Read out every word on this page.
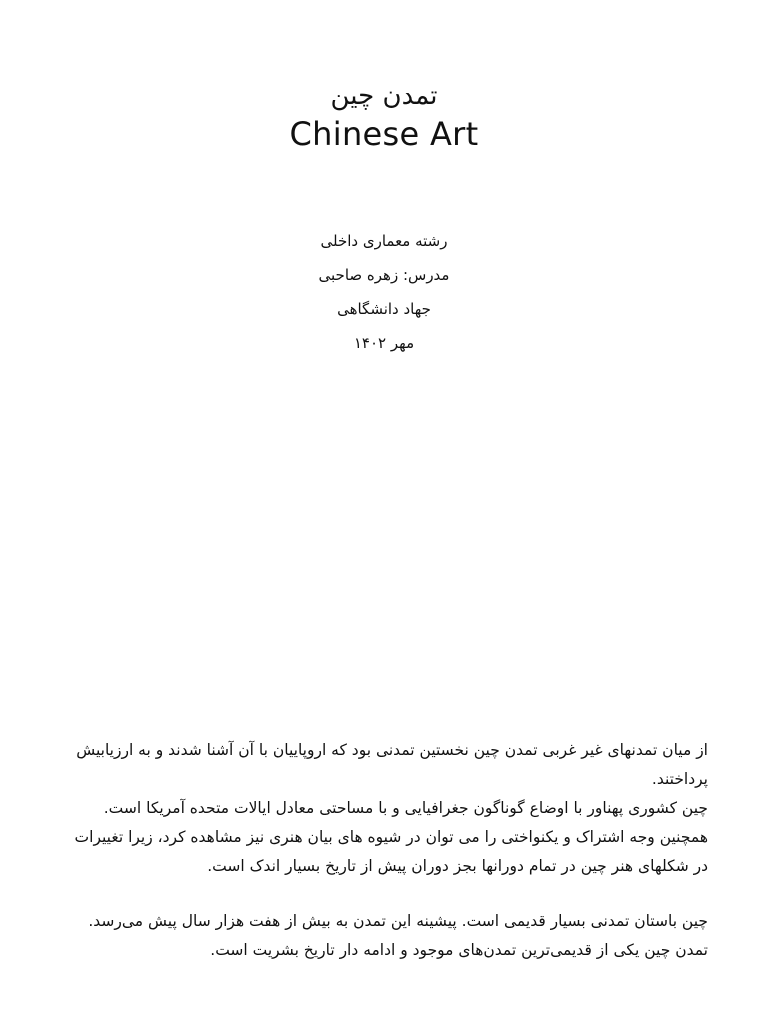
تمدن چین
Chinese Art
رشته معماری داخلی
مدرس: زهره صاحبی
جهاد دانشگاهی
مهر ۱۴۰۲

از میان تمدنهای غیر غربی تمدن چین نخستین تمدنی بود که اروپاییان با آن آشنا شدند و به ارزیابیش پرداختند.

چین کشوری پهناور با اوضاع گوناگون جغرافیایی و با مساحتی معادل ایالات متحده آمریکا است. همچنین وجه اشتراک و یکنواختی را می توان در شیوه های بیان هنری نیز مشاهده کرد، زیرا تغییرات در شکلهای هنر چین در تمام دورانها بجز دوران پیش از تاریخ بسیار اندک است.

چین باستان تمدنی بسیار قدیمی است. پیشینه این تمدن به بیش از هفت هزار سال پیش می‌رسد. تمدن چین یکی از قدیمی‌ترین تمدن‌های موجود و ادامه دار تاریخ بشریت است.
